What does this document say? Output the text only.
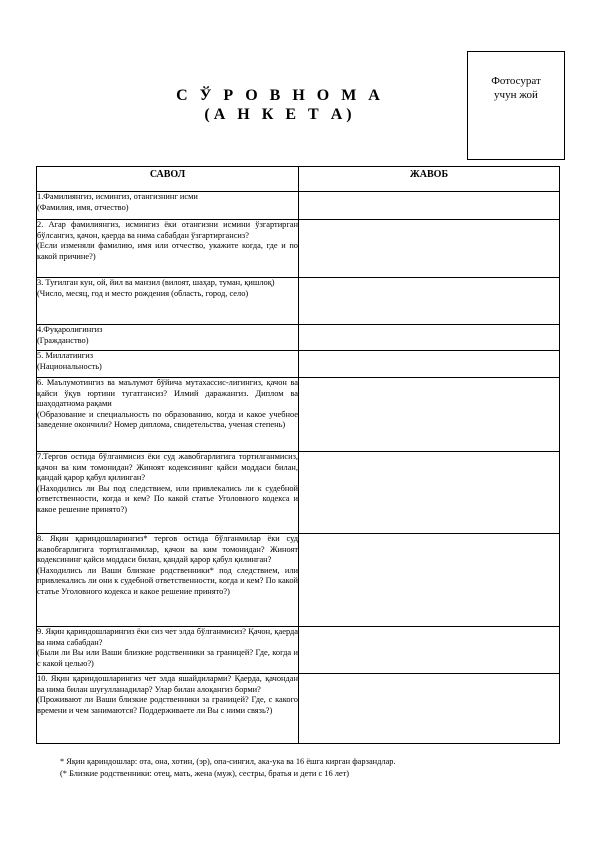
Фотосурат
учун жой
С Ў Р О В Н О М А
(А Н К Е Т А)
САВОЛ	ЖАВОБ

1.Фамилиянгиз, исмингиз, отангизнинг исми
(Фамилия, имя, отчество)	

2. Агар фамилиянгиз, исмингиз ёки отангизни исмини ўзгартирган бўлсангиз, қачон, қаерда ва нима сабабдан ўзгартиргансиз?
(Если изменяли фамилию, имя или отчество, укажите когда, где и по какой причине?)	

3. Туғилган кун, ой, йил ва манзил (вилоят, шаҳар, туман, қишлоқ)
(Число, месяц, год и место рождения (область, город, село)	

4.Фуқаролигингиз
(Гражданство)	

5. Миллатингиз
(Национальность)	

6. Маълумотингиз ва маълумот бўйича мутахассис-лигингиз, қачон ва қайси ўқув юртини тугатгансиз? Илмий даражангиз. Диплом ва шаҳодатнома рақами
(Образование и специальность по образованию, когда и какое учебное заведение окончили? Номер диплома, свидетельства, ученая степень)	

7.Тергов остида бўлганмисиз ёки суд жавобгарлигига тортилганмисиз, қачон ва ким томонидан? Жиноят кодексининг қайси моддаси билан, қандай қарор қабул қилинган?
(Находились ли Вы под следствием, или привлекались ли к судебной ответственности, когда и кем? По какой статье Уголовного кодекса и какое решение принято?)	

8. Яқин қариндошларингиз* тергов остида бўлганмилар ёки суд жавобгарлигига тортилганмилар, қачон ва ким томонидан? Жиноят кодексининг қайси моддаси билан, қандай қарор қабул қилинган?
(Находились ли Ваши близкие родственники* под следствием, или привлекались ли они к судебной ответственности, когда и кем? По какой статье Уголовного кодекса и какое решение принято?)	

9. Яқин қариндошларингиз ёки сиз чет элда бўлганмисиз? Қачон, қаерда ва нима сабабдан?
(Были ли Вы или Ваши близкие родственники за границей? Где, когда и с какой целью?)	

10. Яқин қариндошларингиз чет элда яшайдиларми? Қаерда, қачондан ва нима билан шуғулланадилар? Улар билан алоқангиз борми?
(Проживают ли Ваши близкие родственники за границей? Где, с какого времени и чем занимаются? Поддерживаете ли Вы с ними связь?)	

* Яқин қариндошлар: ота, она, хотин, (эр), опа-сингил, ака-ука ва 16 ёшга кирган фарзандлар.
(* Близкие родственники: отец, мать, жена (муж), сестры, братья и дети с 16 лет)
